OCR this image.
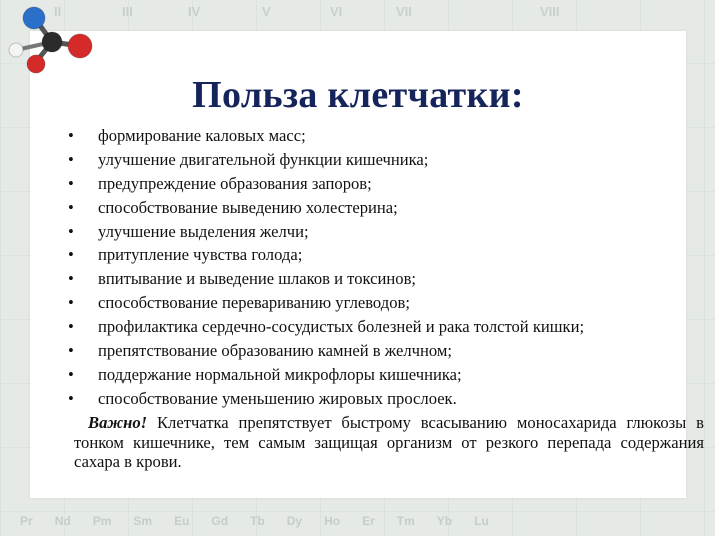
II	III	IV	V	VI	VII	VIII
Pr Nd Pm Sm Eu Gd Tb Dy Ho Er Tm Yb Lu
Польза клетчатки:
• формирование каловых масс;
• улучшение двигательной функции кишечника;
• предупреждение образования запоров;
• способствование выведению холестерина;
• улучшение выделения желчи;
• притупление чувства голода;
• впитывание и выведение шлаков и токсинов;
• способствование перевариванию углеводов;
• профилактика сердечно-сосудистых болезней и рака толстой кишки;
• препятствование образованию камней в желчном;
• поддержание нормальной микрофлоры кишечника;
• способствование уменьшению жировых прослоек.

Важно! Клетчатка препятствует быстрому всасыванию моносахарида глюкозы в тонком кишечнике, тем самым защищая организм от резкого перепада содержания сахара в крови.
